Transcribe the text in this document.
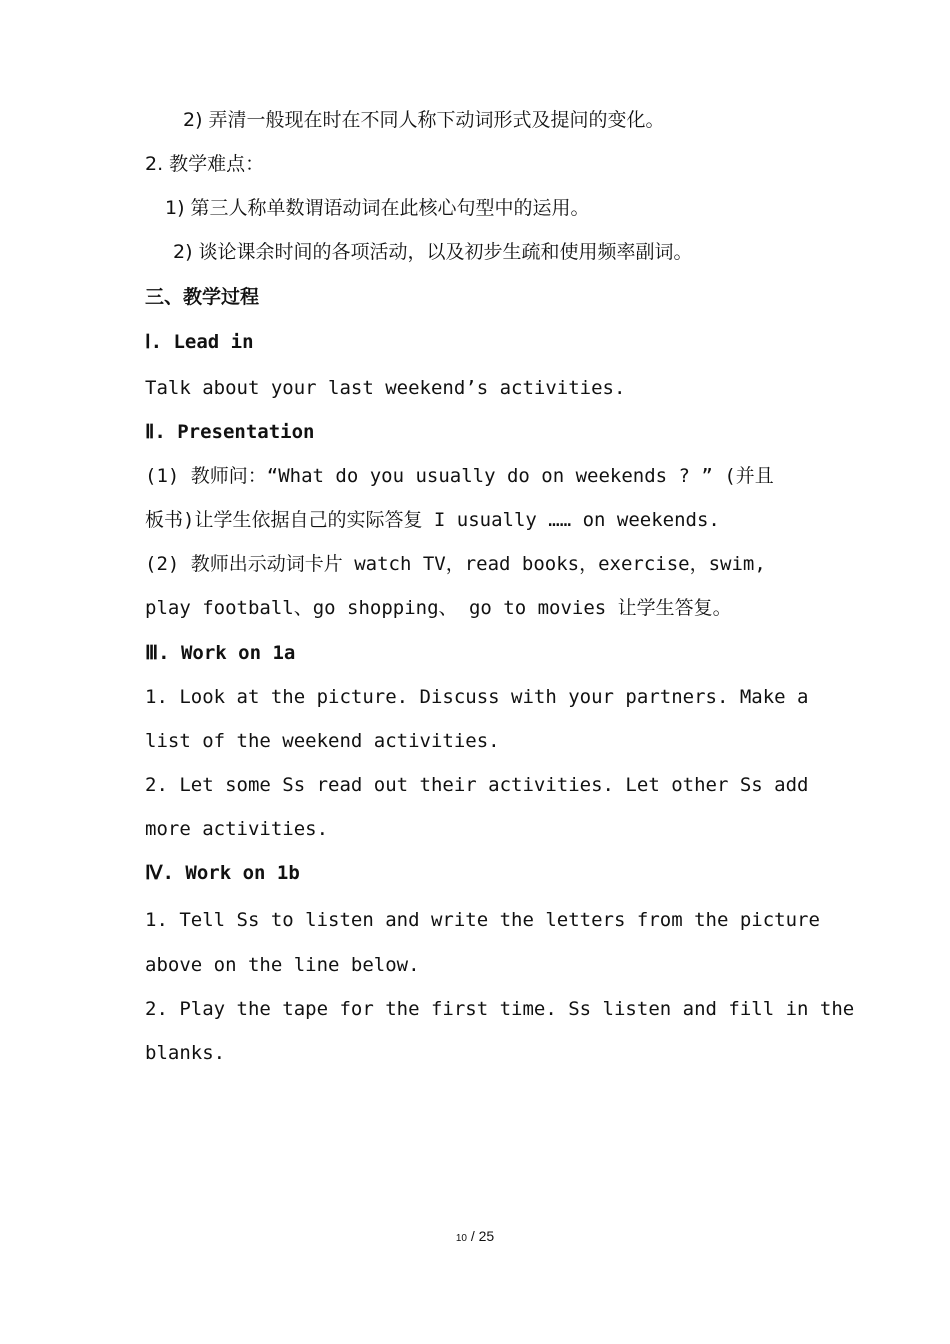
2) 弄清一般现在时在不同人称下动词形式及提问的变化。
2. 教学难点：
1) 第三人称单数谓语动词在此核心句型中的运用。
2) 谈论课余时间的各项活动，以及初步生疏和使用频率副词。
三、教学过程
Ⅰ. Lead in
Talk about your last weekend’s activities.
Ⅱ. Presentation
(1) 教师问：“What do you usually do on weekends ? ” (并且
板书)让学生依据自己的实际答复 I usually …… on weekends.
(2) 教师出示动词卡片 watch TV，read books，exercise，swim,
play football、go shopping、 go to movies 让学生答复。
Ⅲ. Work on 1a
1. Look at the picture. Discuss with your partners. Make a
list of the weekend activities.
2. Let some Ss read out their activities. Let other Ss add
more activities.
Ⅳ. Work on 1b
1. Tell Ss to listen and write the letters from the picture
above on the line below.
2. Play the tape for the first time. Ss listen and fill in the
blanks.
10 / 25
